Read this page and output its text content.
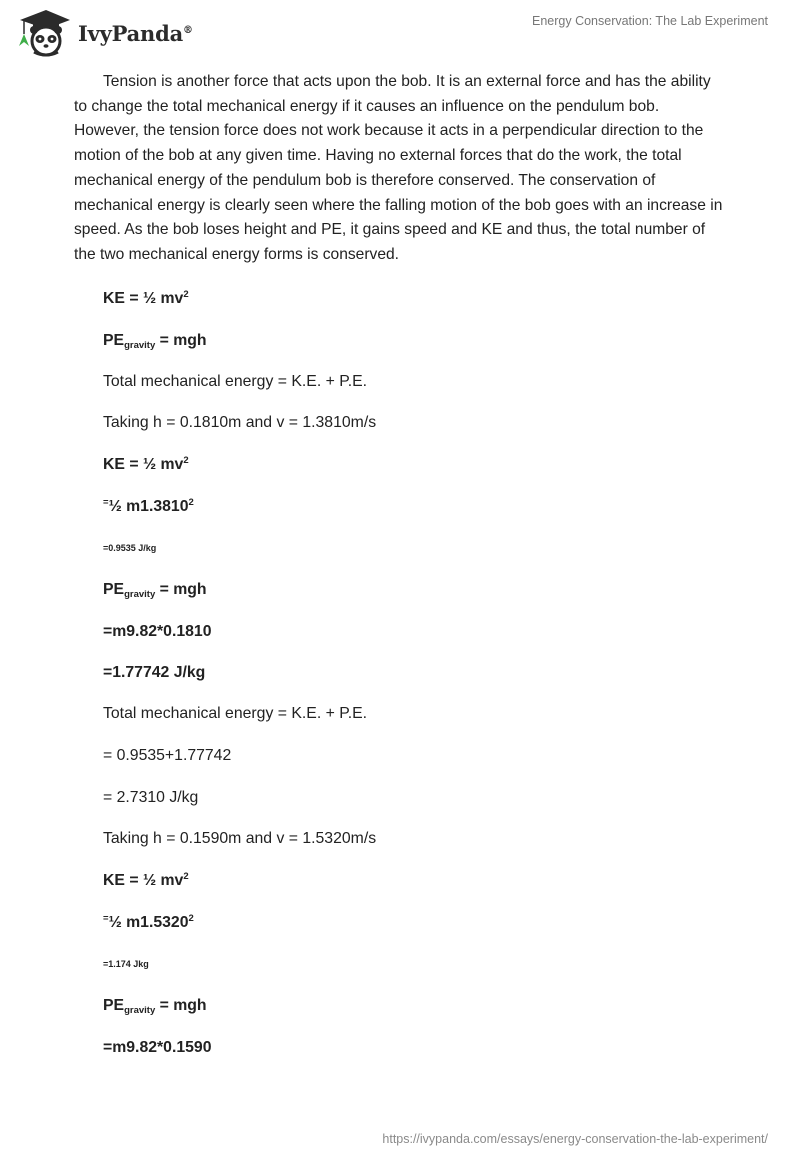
IvyPanda®
Energy Conservation: The Lab Experiment

Tension is another force that acts upon the bob. It is an external force and has the ability to change the total mechanical energy if it causes an influence on the pendulum bob. However, the tension force does not work because it acts in a perpendicular direction to the motion of the bob at any given time. Having no external forces that do the work, the total mechanical energy of the pendulum bob is therefore conserved. The conservation of mechanical energy is clearly seen where the falling motion of the bob goes with an increase in speed. As the bob loses height and PE, it gains speed and KE and thus, the total number of the two mechanical energy forms is conserved.

KE = ½ $mv^2$
$PE_{gravity}$ = mgh
Total mechanical energy = K.E. + P.E.
Taking h = 0.1810m and v = 1.3810m/s
KE = ½ $mv^2$
=½ $m1.3810^2$
=0.9535 J/kg
$PE_{gravity}$ = mgh
=m9.82*0.1810
=1.77742 J/kg
Total mechanical energy = K.E. + P.E.
= 0.9535+1.77742
= 2.7310 J/kg
Taking h = 0.1590m and v = 1.5320m/s
KE = ½ $mv^2$
=½ $m1.5320^2$
=1.174 Jkg
$PE_{gravity}$ = mgh
=m9.82*0.1590
https://ivypanda.com/essays/energy-conservation-the-lab-experiment/
